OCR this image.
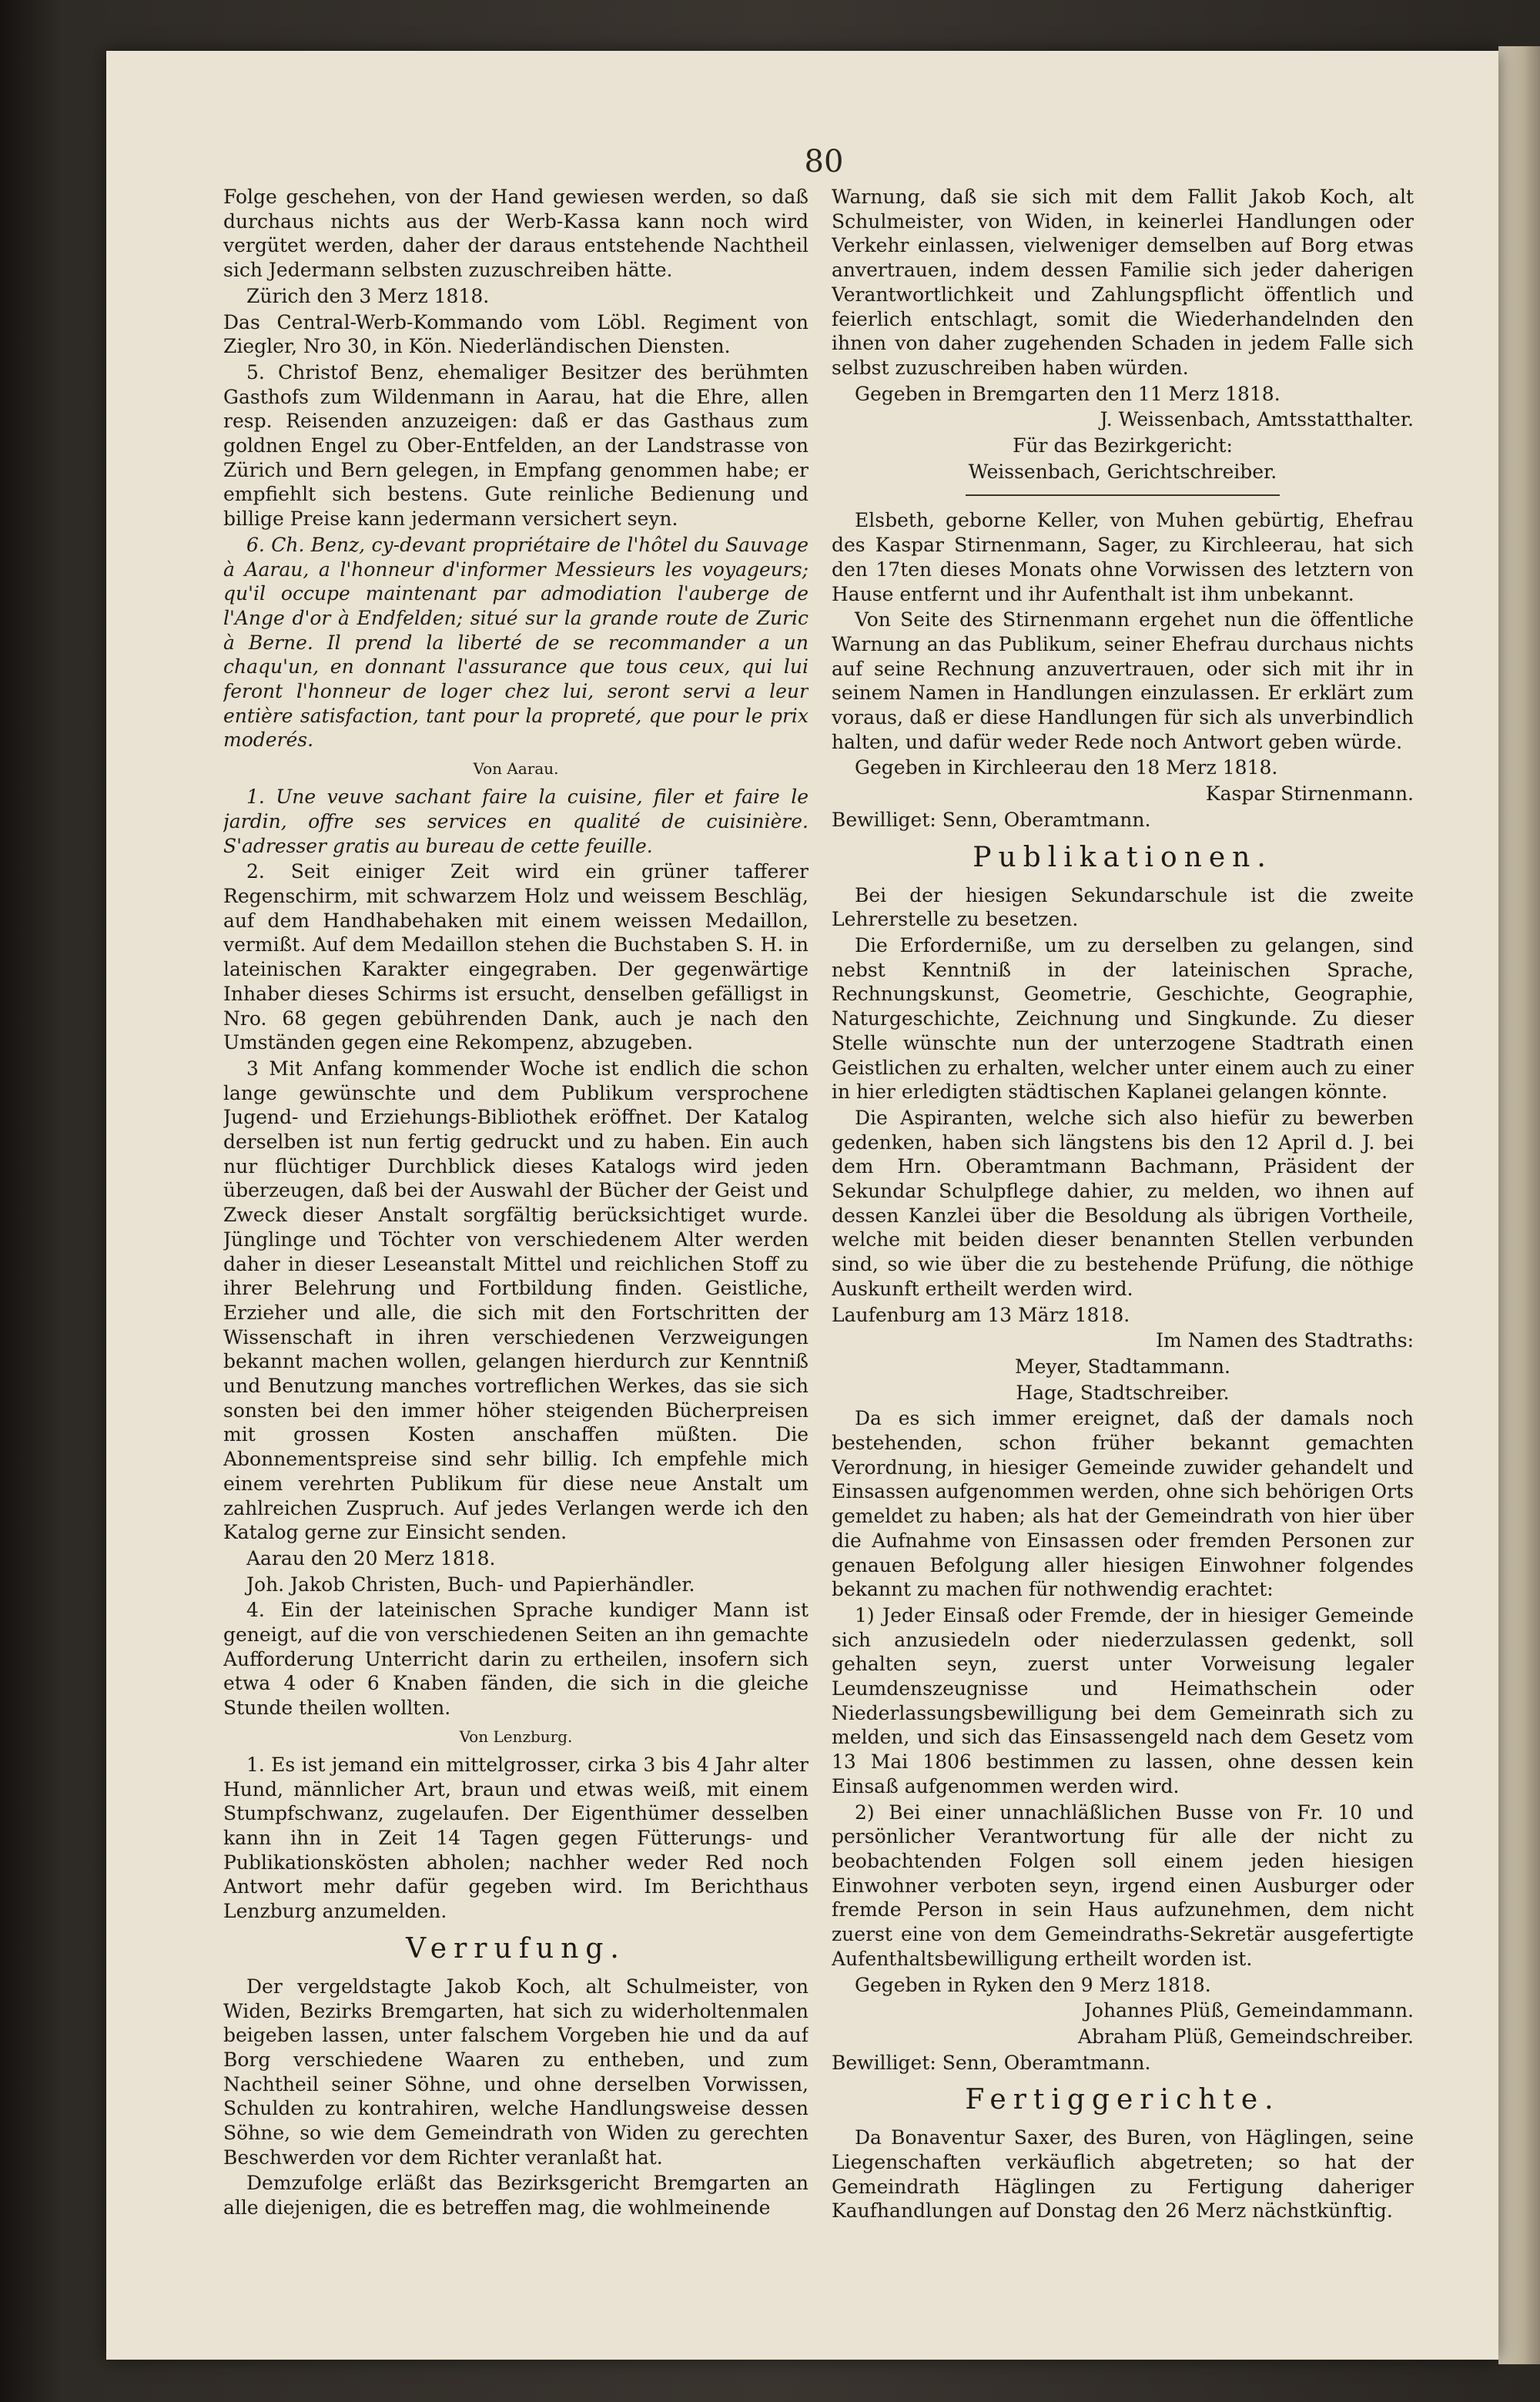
80

Folge geschehen, von der Hand gewiesen werden, so daß durchaus nichts aus der Werb-Kassa kann noch wird vergütet werden, daher der daraus entstehende Nachtheil sich Jedermann selbsten zuzuschreiben hätte.

Zürich den 3 Merz 1818.

Das Central-Werb-Kommando vom Löbl. Regiment von Ziegler, Nro 30, in Kön. Niederländischen Diensten.

5. Christof Benz, ehemaliger Besitzer des berühmten Gasthofs zum Wildenmann in Aarau, hat die Ehre, allen resp. Reisenden anzuzeigen: daß er das Gasthaus zum goldnen Engel zu Ober-Entfelden, an der Landstrasse von Zürich und Bern gelegen, in Empfang genommen habe; er empfiehlt sich bestens. Gute reinliche Bedienung und billige Preise kann jedermann versichert seyn.

6. Ch. Benz, cy-devant propriétaire de l'hôtel du Sauvage à Aarau, a l'honneur d'informer Messieurs les voyageurs; qu'il occupe maintenant par admodiation l'auberge de l'Ange d'or à Endfelden; situé sur la grande route de Zuric à Berne. Il prend la liberté de se recommander a un chaqu'un, en donnant l'assurance que tous ceux, qui lui feront l'honneur de loger chez lui, seront servi a leur entière satisfaction, tant pour la propreté, que pour le prix moderés.

Von Aarau.

1. Une veuve sachant faire la cuisine, filer et faire le jardin, offre ses services en qualité de cuisinière. S'adresser gratis au bureau de cette feuille.

2. Seit einiger Zeit wird ein grüner tafferer Regenschirm, mit schwarzem Holz und weissem Beschläg, auf dem Handhabehaken mit einem weissen Medaillon, vermißt. Auf dem Medaillon stehen die Buchstaben S. H. in lateinischen Karakter eingegraben. Der gegenwärtige Inhaber dieses Schirms ist ersucht, denselben gefälligst in Nro. 68 gegen gebührenden Dank, auch je nach den Umständen gegen eine Rekompenz, abzugeben.

3 Mit Anfang kommender Woche ist endlich die schon lange gewünschte und dem Publikum versprochene Jugend- und Erziehungs-Bibliothek eröffnet. Der Katalog derselben ist nun fertig gedruckt und zu haben. Ein auch nur flüchtiger Durchblick dieses Katalogs wird jeden überzeugen, daß bei der Auswahl der Bücher der Geist und Zweck dieser Anstalt sorgfältig berücksichtiget wurde. Jünglinge und Töchter von verschiedenem Alter werden daher in dieser Leseanstalt Mittel und reichlichen Stoff zu ihrer Belehrung und Fortbildung finden. Geistliche, Erzieher und alle, die sich mit den Fortschritten der Wissenschaft in ihren verschiedenen Verzweigungen bekannt machen wollen, gelangen hierdurch zur Kenntniß und Benutzung manches vortreflichen Werkes, das sie sich sonsten bei den immer höher steigenden Bücherpreisen mit grossen Kosten anschaffen müßten. Die Abonnementspreise sind sehr billig. Ich empfehle mich einem verehrten Publikum für diese neue Anstalt um zahlreichen Zuspruch. Auf jedes Verlangen werde ich den Katalog gerne zur Einsicht senden.

Aarau den 20 Merz 1818.

Joh. Jakob Christen, Buch- und Papierhändler.

4. Ein der lateinischen Sprache kundiger Mann ist geneigt, auf die von verschiedenen Seiten an ihn gemachte Aufforderung Unterricht darin zu ertheilen, insofern sich etwa 4 oder 6 Knaben fänden, die sich in die gleiche Stunde theilen wollten.

Von Lenzburg.

1. Es ist jemand ein mittelgrosser, cirka 3 bis 4 Jahr alter Hund, männlicher Art, braun und etwas weiß, mit einem Stumpfschwanz, zugelaufen. Der Eigenthümer desselben kann ihn in Zeit 14 Tagen gegen Fütterungs- und Publikationskösten abholen; nachher weder Red noch Antwort mehr dafür gegeben wird. Im Berichthaus Lenzburg anzumelden.

Verrufung.

Der vergeldstagte Jakob Koch, alt Schulmeister, von Widen, Bezirks Bremgarten, hat sich zu widerholtenmalen beigeben lassen, unter falschem Vorgeben hie und da auf Borg verschiedene Waaren zu entheben, und zum Nachtheil seiner Söhne, und ohne derselben Vorwissen, Schulden zu kontrahiren, welche Handlungsweise dessen Söhne, so wie dem Gemeindrath von Widen zu gerechten Beschwerden vor dem Richter veranlaßt hat.

Demzufolge erläßt das Bezirksgericht Bremgarten an alle diejenigen, die es betreffen mag, die wohlmeinende

Warnung, daß sie sich mit dem Fallit Jakob Koch, alt Schulmeister, von Widen, in keinerlei Handlungen oder Verkehr einlassen, vielweniger demselben auf Borg etwas anvertrauen, indem dessen Familie sich jeder daherigen Verantwortlichkeit und Zahlungspflicht öffentlich und feierlich entschlagt, somit die Wiederhandelnden den ihnen von daher zugehenden Schaden in jedem Falle sich selbst zuzuschreiben haben würden.

Gegeben in Bremgarten den 11 Merz 1818.

J. Weissenbach, Amtsstatthalter.

Für das Bezirkgericht:

Weissenbach, Gerichtschreiber.

Elsbeth, geborne Keller, von Muhen gebürtig, Ehefrau des Kaspar Stirnenmann, Sager, zu Kirchleerau, hat sich den 17ten dieses Monats ohne Vorwissen des letztern von Hause entfernt und ihr Aufenthalt ist ihm unbekannt.

Von Seite des Stirnenmann ergehet nun die öffentliche Warnung an das Publikum, seiner Ehefrau durchaus nichts auf seine Rechnung anzuvertrauen, oder sich mit ihr in seinem Namen in Handlungen einzulassen. Er erklärt zum voraus, daß er diese Handlungen für sich als unverbindlich halten, und dafür weder Rede noch Antwort geben würde.

Gegeben in Kirchleerau den 18 Merz 1818.

Kaspar Stirnenmann.

Bewilliget: Senn, Oberamtmann.

Publikationen.

Bei der hiesigen Sekundarschule ist die zweite Lehrerstelle zu besetzen.

Die Erforderniße, um zu derselben zu gelangen, sind nebst Kenntniß in der lateinischen Sprache, Rechnungskunst, Geometrie, Geschichte, Geographie, Naturgeschichte, Zeichnung und Singkunde. Zu dieser Stelle wünschte nun der unterzogene Stadtrath einen Geistlichen zu erhalten, welcher unter einem auch zu einer in hier erledigten städtischen Kaplanei gelangen könnte.

Die Aspiranten, welche sich also hiefür zu bewerben gedenken, haben sich längstens bis den 12 April d. J. bei dem Hrn. Oberamtmann Bachmann, Präsident der Sekundar Schulpflege dahier, zu melden, wo ihnen auf dessen Kanzlei über die Besoldung als übrigen Vortheile, welche mit beiden dieser benannten Stellen verbunden sind, so wie über die zu bestehende Prüfung, die nöthige Auskunft ertheilt werden wird.

Laufenburg am 13 März 1818.

Im Namen des Stadtraths:

Meyer, Stadtammann.

Hage, Stadtschreiber.

Da es sich immer ereignet, daß der damals noch bestehenden, schon früher bekannt gemachten Verordnung, in hiesiger Gemeinde zuwider gehandelt und Einsassen aufgenommen werden, ohne sich behörigen Orts gemeldet zu haben; als hat der Gemeindrath von hier über die Aufnahme von Einsassen oder fremden Personen zur genauen Befolgung aller hiesigen Einwohner folgendes bekannt zu machen für nothwendig erachtet:

1) Jeder Einsaß oder Fremde, der in hiesiger Gemeinde sich anzusiedeln oder niederzulassen gedenkt, soll gehalten seyn, zuerst unter Vorweisung legaler Leumdenszeugnisse und Heimathschein oder Niederlassungsbewilligung bei dem Gemeinrath sich zu melden, und sich das Einsassengeld nach dem Gesetz vom 13 Mai 1806 bestimmen zu lassen, ohne dessen kein Einsaß aufgenommen werden wird.

2) Bei einer unnachläßlichen Busse von Fr. 10 und persönlicher Verantwortung für alle der nicht zu beobachtenden Folgen soll einem jeden hiesigen Einwohner verboten seyn, irgend einen Ausburger oder fremde Person in sein Haus aufzunehmen, dem nicht zuerst eine von dem Gemeindraths-Sekretär ausgefertigte Aufenthaltsbewilligung ertheilt worden ist.

Gegeben in Ryken den 9 Merz 1818.

Johannes Plüß, Gemeindammann.

Abraham Plüß, Gemeindschreiber.

Bewilliget: Senn, Oberamtmann.

Fertiggerichte.

Da Bonaventur Saxer, des Buren, von Häglingen, seine Liegenschaften verkäuflich abgetreten; so hat der Gemeindrath Häglingen zu Fertigung daheriger Kaufhandlungen auf Donstag den 26 Merz nächstkünftig.
